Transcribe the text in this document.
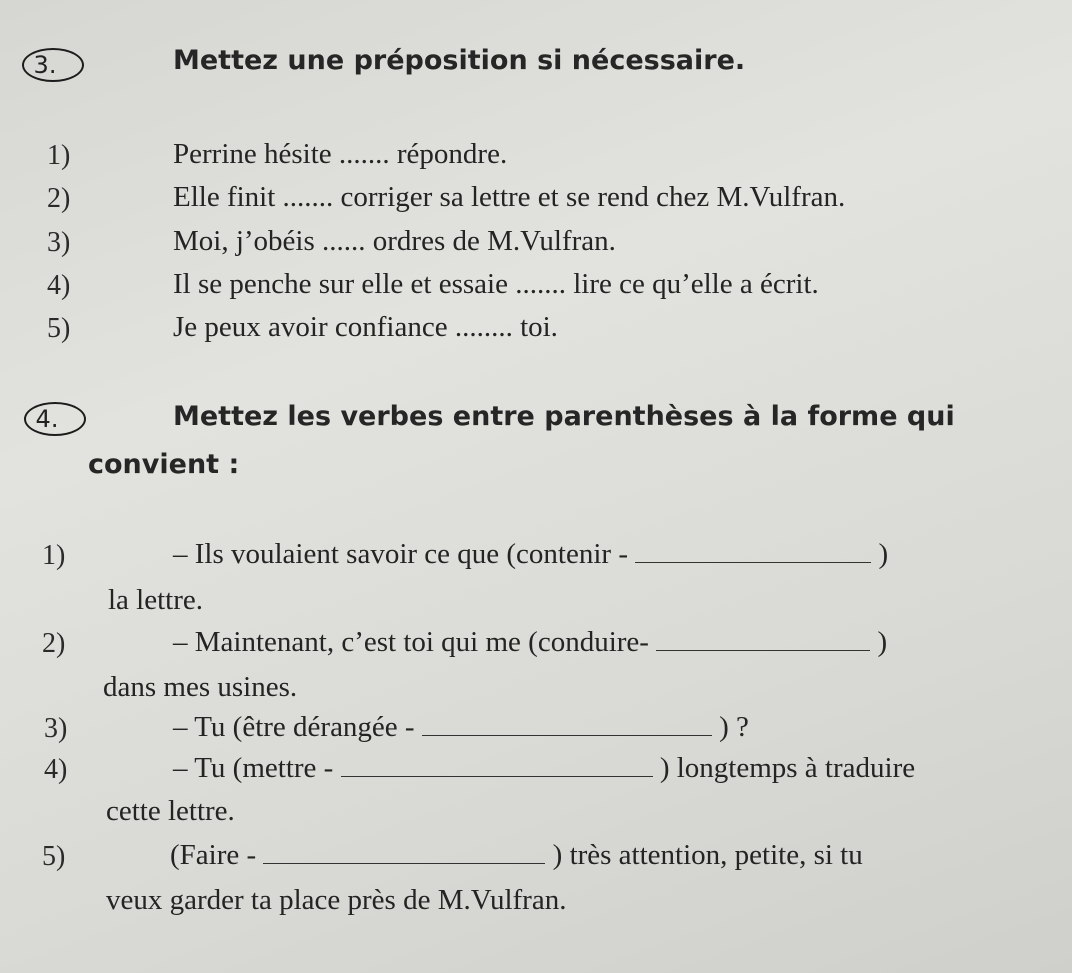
3.	Mettez une préposition si nécessaire.
1)	Perrine hésite ....... répondre.
2)	Elle finit ....... corriger sa lettre et se rend chez M.Vulfran.
3)	Moi, j’obéis ...... ordres de M.Vulfran.
4)	Il se penche sur elle et essaie ....... lire ce qu’elle a écrit.
5)	Je peux avoir confiance ........ toi.
4.	Mettez les verbes entre parenthèses à la forme qui
convient :
1)	– Ils voulaient savoir ce que (contenir -	)
la lettre.
2)	– Maintenant, c’est toi qui me (conduire-	)
dans mes usines.
3)	– Tu (être dérangée -	) ?
4)	– Tu (mettre -	) longtemps à traduire
cette lettre.
5)	(Faire -	) très attention, petite, si tu
veux garder ta place près de M.Vulfran.
